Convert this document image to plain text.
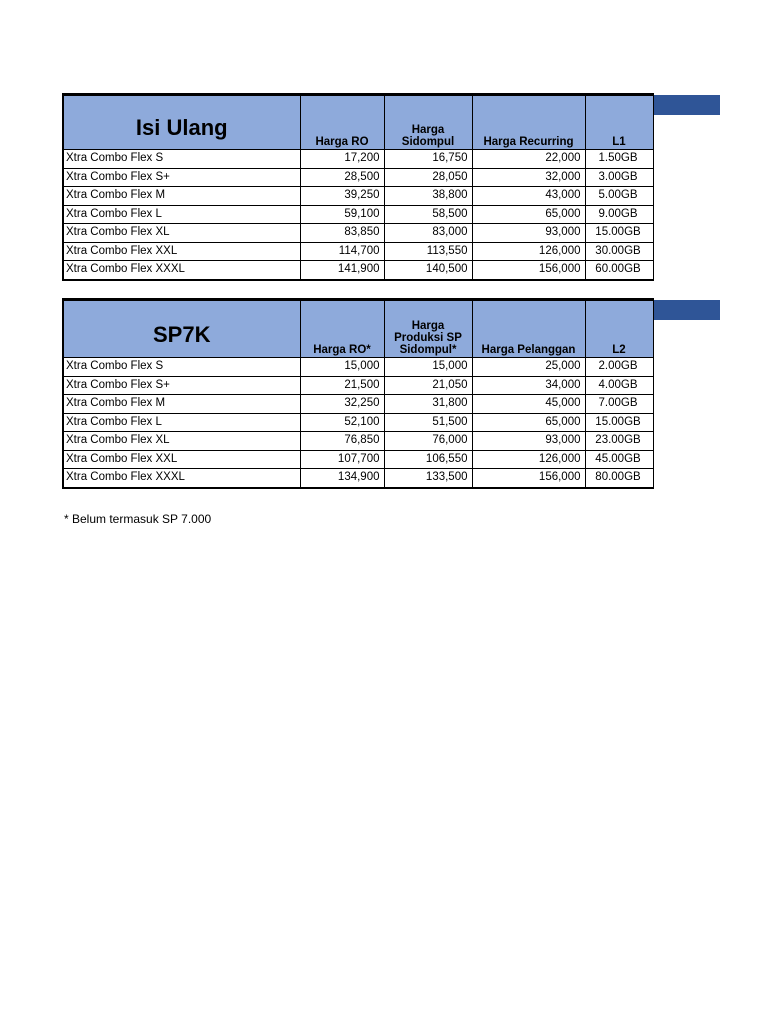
Isi Ulang	Harga RO	Harga Sidompul	Harga Recurring	L1
Xtra Combo Flex S	17,200	16,750	22,000	1.50GB
Xtra Combo Flex S+	28,500	28,050	32,000	3.00GB
Xtra Combo Flex M	39,250	38,800	43,000	5.00GB
Xtra Combo Flex L	59,100	58,500	65,000	9.00GB
Xtra Combo Flex XL	83,850	83,000	93,000	15.00GB
Xtra Combo Flex XXL	114,700	113,550	126,000	30.00GB
Xtra Combo Flex XXXL	141,900	140,500	156,000	60.00GB
SP7K	Harga RO*	Harga Produksi SP Sidompul*	Harga Pelanggan	L2
Xtra Combo Flex S	15,000	15,000	25,000	2.00GB
Xtra Combo Flex S+	21,500	21,050	34,000	4.00GB
Xtra Combo Flex M	32,250	31,800	45,000	7.00GB
Xtra Combo Flex L	52,100	51,500	65,000	15.00GB
Xtra Combo Flex XL	76,850	76,000	93,000	23.00GB
Xtra Combo Flex XXL	107,700	106,550	126,000	45.00GB
Xtra Combo Flex XXXL	134,900	133,500	156,000	80.00GB
* Belum termasuk SP 7.000
